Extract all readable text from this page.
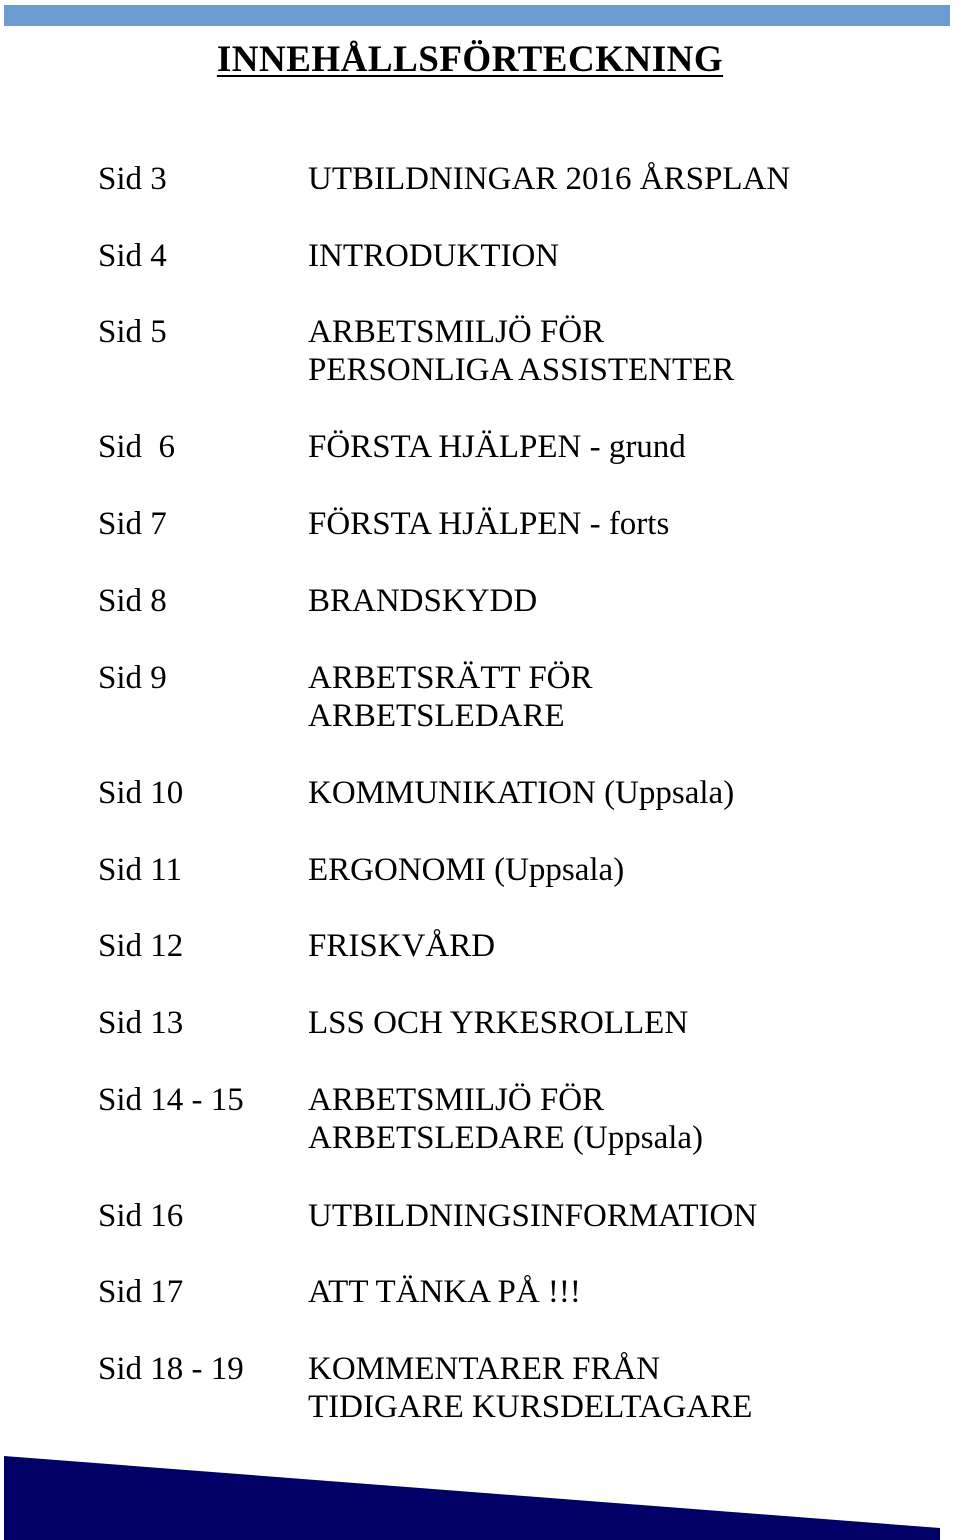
INNEHÅLLSFÖRTECKNING
Sid 3	UTBILDNINGAR 2016 ÅRSPLAN
Sid 4	INTRODUKTION
Sid 5	ARBETSMILJÖ FÖR
PERSONLIGA ASSISTENTER
Sid  6	FÖRSTA HJÄLPEN - grund
Sid 7	FÖRSTA HJÄLPEN - forts
Sid 8	BRANDSKYDD
Sid 9	ARBETSRÄTT FÖR
ARBETSLEDARE
Sid 10	KOMMUNIKATION (Uppsala)
Sid 11	ERGONOMI (Uppsala)
Sid 12	FRISKVÅRD
Sid 13	LSS OCH YRKESROLLEN
Sid 14 - 15 ARBETSMILJÖ FÖR
ARBETSLEDARE (Uppsala)
Sid 16	UTBILDNINGSINFORMATION
Sid 17	ATT TÄNKA PÅ !!!
Sid 18 - 19 KOMMENTARER FRÅN
TIDIGARE KURSDELTAGARE
